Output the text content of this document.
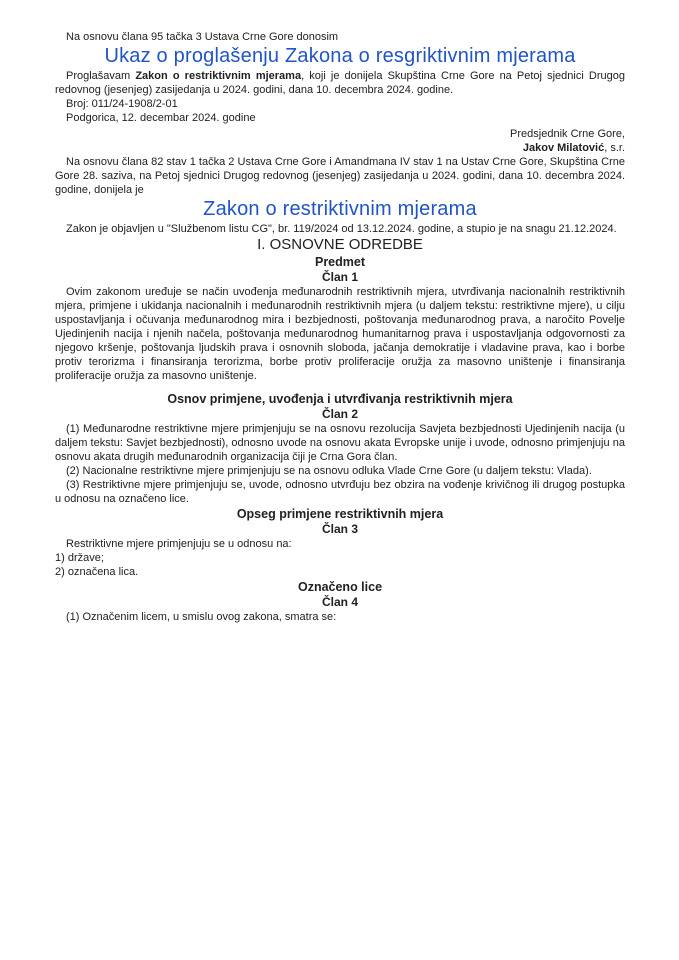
Na osnovu člana 95 tačka 3 Ustava Crne Gore donosim

Ukaz o proglašenju Zakona o resgriktivnim mjerama

Proglašavam Zakon o restriktivnim mjerama, koji je donijela Skupština Crne Gore na Petoj sjednici Drugog redovnog (jesenjeg) zasijedanja u 2024. godini, dana 10. decembra 2024. godine.

Broj: 011/24-1908/2-01

Podgorica, 12. decembar 2024. godine

Predsjednik Crne Gore,

Jakov Milatović, s.r.

Na osnovu člana 82 stav 1 tačka 2 Ustava Crne Gore i Amandmana IV stav 1 na Ustav Crne Gore, Skupština Crne Gore 28. saziva, na Petoj sjednici Drugog redovnog (jesenjeg) zasijedanja u 2024. godini, dana 10. decembra 2024. godine, donijela je

Zakon o restriktivnim mjerama

Zakon je objavljen u "Službenom listu CG", br. 119/2024 od 13.12.2024. godine, a stupio je na snagu 21.12.2024.

I. OSNOVNE ODREDBE
Predmet
Član 1

Ovim zakonom uređuje se način uvođenja međunarodnih restriktivnih mjera, utvrđivanja nacionalnih restriktivnih mjera, primjene i ukidanja nacionalnih i međunarodnih restriktivnih mjera (u daljem tekstu: restriktivne mjere), u cilju uspostavljanja i očuvanja međunarodnog mira i bezbjednosti, poštovanja međunarodnog prava, a naročito Povelje Ujedinjenih nacija i njenih načela, poštovanja međunarodnog humanitarnog prava i uspostavljanja odgovornosti za njegovo kršenje, poštovanja ljudskih prava i osnovnih sloboda, jačanja demokratije i vladavine prava, kao i borbe protiv terorizma i finansiranja terorizma, borbe protiv proliferacije oružja za masovno uništenje i finansiranja proliferacije oružja za masovno uništenje.

Osnov primjene, uvođenja i utvrđivanja restriktivnih mjera
Član 2

(1) Međunarodne restriktivne mjere primjenjuju se na osnovu rezolucija Savjeta bezbjednosti Ujedinjenih nacija (u daljem tekstu: Savjet bezbjednosti), odnosno uvode na osnovu akata Evropske unije i uvode, odnosno primjenjuju na osnovu akata drugih međunarodnih organizacija čiji je Crna Gora član.

(2) Nacionalne restriktivne mjere primjenjuju se na osnovu odluka Vlade Crne Gore (u daljem tekstu: Vlada).

(3) Restriktivne mjere primjenjuju se, uvode, odnosno utvrđuju bez obzira na vođenje krivičnog ili drugog postupka u odnosu na označeno lice.

Opseg primjene restriktivnih mjera
Član 3

Restriktivne mjere primjenjuju se u odnosu na:

1) države;

2) označena lica.

Označeno lice
Član 4

(1) Označenim licem, u smislu ovog zakona, smatra se:
